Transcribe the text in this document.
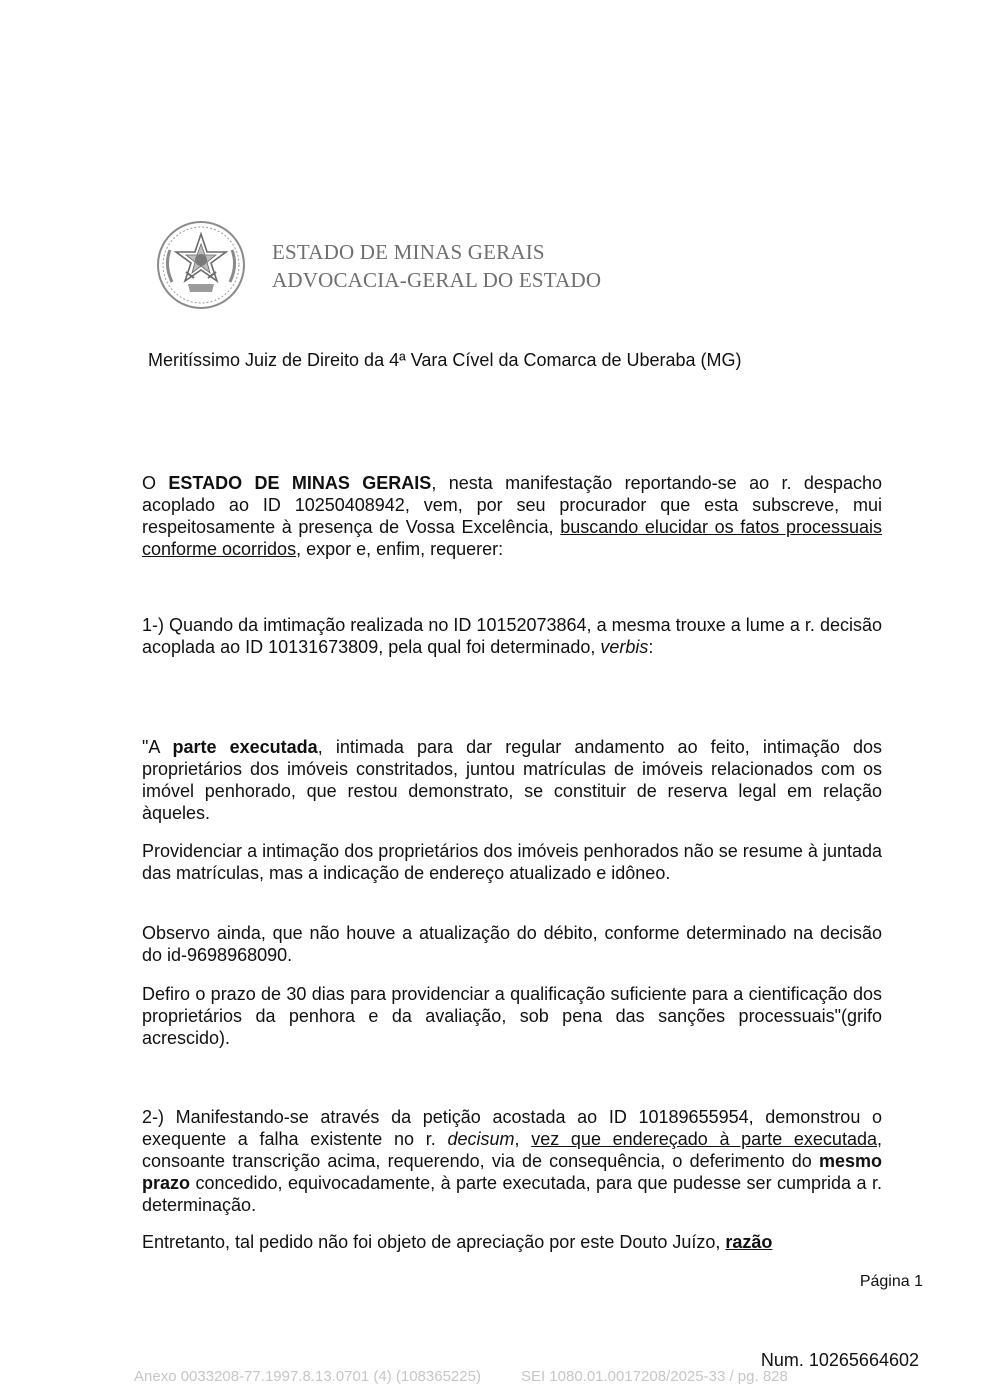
ESTADO DE MINAS GERAIS
ADVOCACIA-GERAL DO ESTADO
Meritíssimo Juiz de Direito da 4ª Vara Cível da Comarca de Uberaba (MG)

O ESTADO DE MINAS GERAIS, nesta manifestação reportando-se ao r. despacho acoplado ao ID 10250408942, vem, por seu procurador que esta subscreve, mui respeitosamente à presença de Vossa Excelência, buscando elucidar os fatos processuais conforme ocorridos, expor e, enfim, requerer:

1-) Quando da imtimação realizada no ID 10152073864, a mesma trouxe a lume a r. decisão acoplada ao ID 10131673809, pela qual foi determinado, verbis:

"A parte executada, intimada para dar regular andamento ao feito, intimação dos proprietários dos imóveis constritados, juntou matrículas de imóveis relacionados com os imóvel penhorado, que restou demonstrato, se constituir de reserva legal em relação àqueles.

Providenciar a intimação dos proprietários dos imóveis penhorados não se resume à juntada das matrículas, mas a indicação de endereço atualizado e idôneo.

Observo ainda, que não houve a atualização do débito, conforme determinado na decisão do id-9698968090.

Defiro o prazo de 30 dias para providenciar a qualificação suficiente para a cientificação dos proprietários da penhora e da avaliação, sob pena das sanções processuais"(grifo acrescido).

2-) Manifestando-se através da petição acostada ao ID 10189655954, demonstrou o exequente a falha existente no r. decisum, vez que endereçado à parte executada, consoante transcrição acima, requerendo, via de consequência, o deferimento do mesmo prazo concedido, equivocadamente, à parte executada, para que pudesse ser cumprida a r. determinação.

Entretanto, tal pedido não foi objeto de apreciação por este Douto Juízo, razão

Página 1
Num. 10265664602
Anexo 0033208-77.1997.8.13.0701 (4) (108365225)	SEI 1080.01.0017208/2025-33 / pg. 828
